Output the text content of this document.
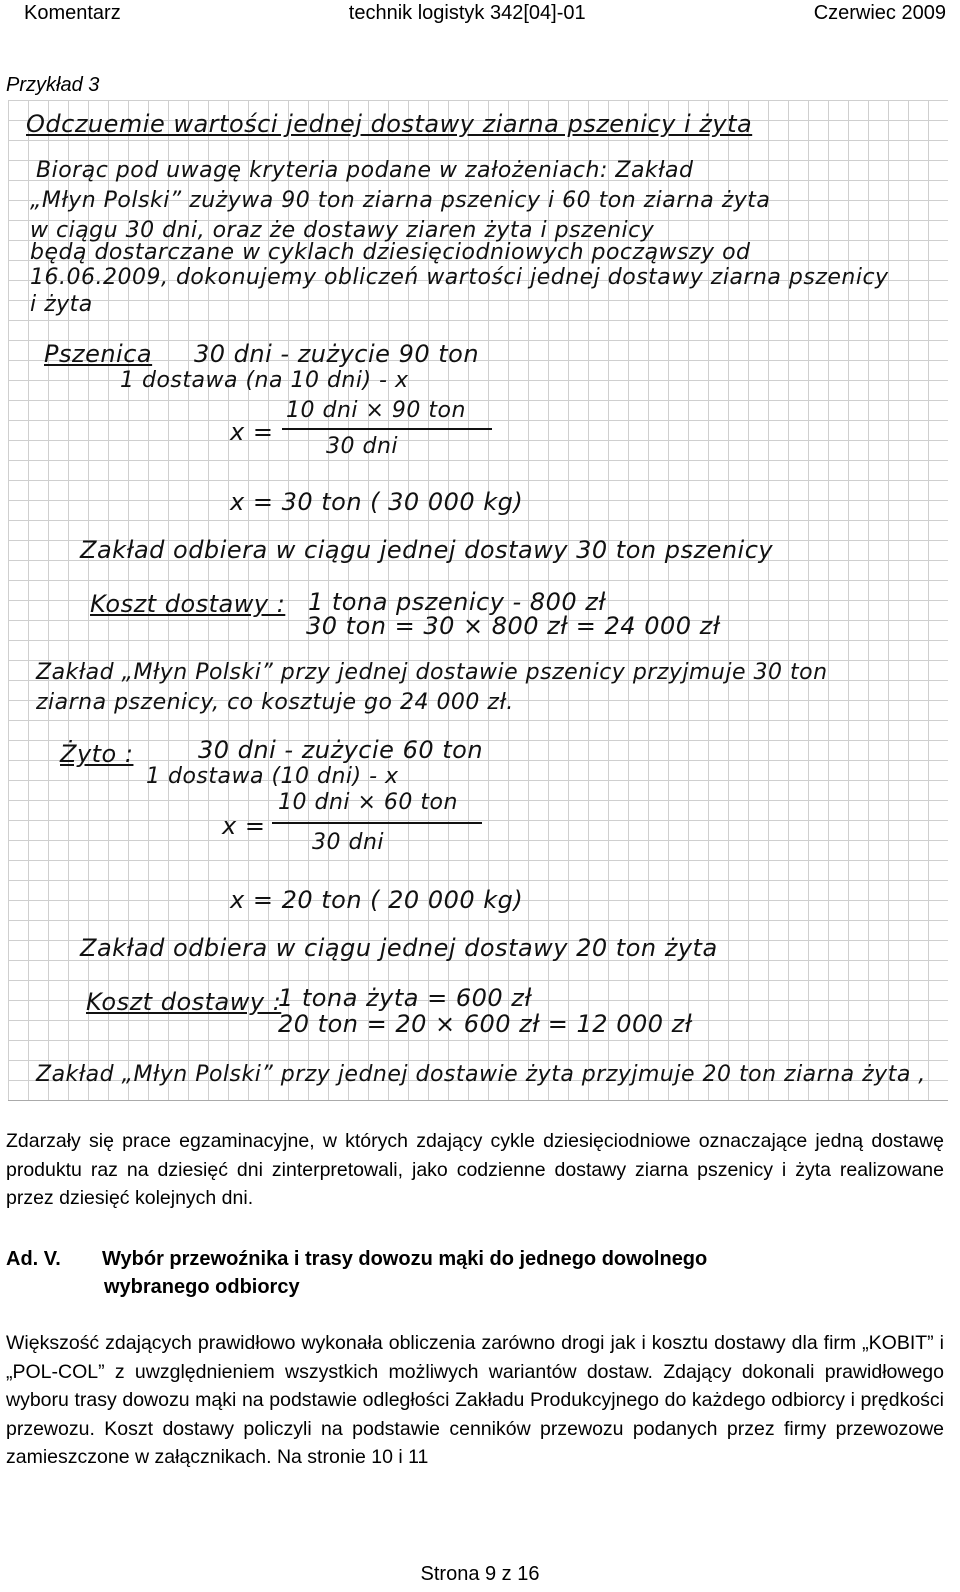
Komentarz	technik logistyk 342[04]-01	Czerwiec 2009
Przykład 3
Odczuemie wartości jednej dostawy ziarna pszenicy i żyta
Biorąc pod uwagę kryteria podane w założeniach: Zakład
„Młyn Polski” zużywa 90 ton ziarna pszenicy i 60 ton ziarna żyta
w ciągu 30 dni, oraz że dostawy ziaren żyta i pszenicy
będą dostarczane w cyklach dziesięciodniowych począwszy od
16.06.2009, dokonujemy obliczeń wartości jednej dostawy ziarna pszenicy
i żyta
Pszenica 30 dni - zużycie 90 ton
1 dostawa (na 10 dni) - x
x =
10 dni × 90 ton
30 dni
x = 30 ton ( 30 000 kg)
Zakład odbiera w ciągu jednej dostawy 30 ton pszenicy
Koszt dostawy : 1 tona pszenicy - 800 zł
30 ton = 30 × 800 zł = 24 000 zł
Zakład „Młyn Polski” przy jednej dostawie pszenicy przyjmuje 30 ton
ziarna pszenicy, co kosztuje go 24 000 zł.
Żyto :	30 dni - zużycie 60 ton
1 dostawa (10 dni) - x
x =
10 dni × 60 ton
30 dni
x = 20 ton ( 20 000 kg)
Zakład odbiera w ciągu jednej dostawy 20 ton żyta
Koszt dostawy :
1 tona żyta = 600 zł
20 ton = 20 × 600 zł = 12 000 zł
Zakład „Młyn Polski” przy jednej dostawie żyta przyjmuje 20 ton ziarna żyta ,
Zdarzały się prace egzaminacyjne, w których zdający cykle dziesięciodniowe oznaczające jedną dostawę produktu raz na dziesięć dni zinterpretowali, jako codzienne dostawy ziarna pszenicy i żyta realizowane przez dziesięć kolejnych dni.
Ad. V. Wybór przewoźnika i trasy dowozu mąki do jednego dowolnego
wybranego odbiorcy
Większość zdających prawidłowo wykonała obliczenia zarówno drogi jak i kosztu dostawy dla firm „KOBIT” i „POL-COL” z uwzględnieniem wszystkich możliwych wariantów dostaw. Zdający dokonali prawidłowego wyboru trasy dowozu mąki na podstawie odległości Zakładu Produkcyjnego do każdego odbiorcy i prędkości przewozu. Koszt dostawy policzyli na podstawie cenników przewozu podanych przez firmy przewozowe zamieszczone w załącznikach. Na stronie 10 i 11
Strona 9 z 16
